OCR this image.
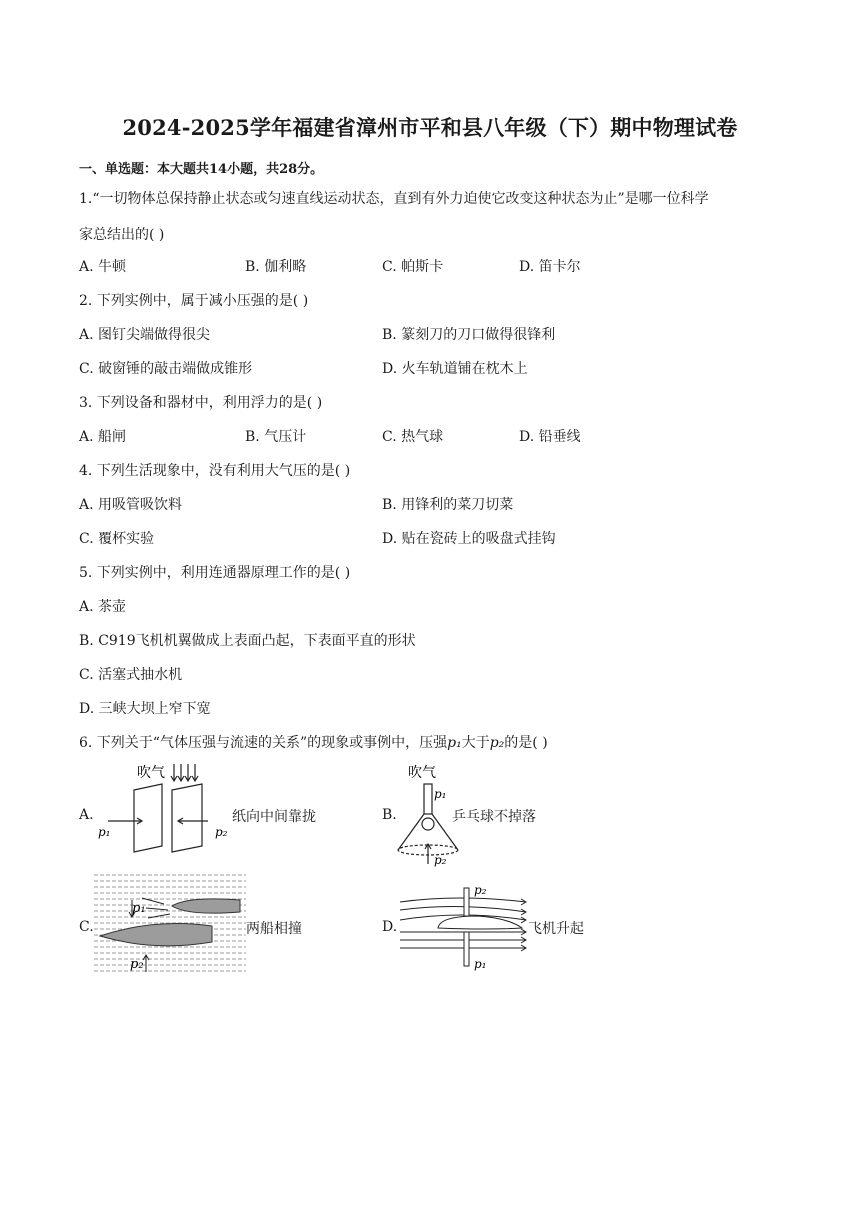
2024-2025学年福建省漳州市平和县八年级（下）期中物理试卷
一、单选题：本大题共14小题，共28分。
1.“一切物体总保持静止状态或匀速直线运动状态，直到有外力迫使它改变这种状态为止”是哪一位科学
家总结出的( )
A. 牛顿	B. 伽利略	C. 帕斯卡	D. 笛卡尔
2. 下列实例中，属于减小压强的是( )
A. 图钉尖端做得很尖	B. 篆刻刀的刀口做得很锋利
C. 破窗锤的敲击端做成锥形	D. 火车轨道铺在枕木上
3. 下列设备和器材中，利用浮力的是( )
A. 船闸	B. 气压计	C. 热气球	D. 铅垂线
4. 下列生活现象中，没有利用大气压的是( )
A. 用吸管吸饮料	B. 用锋利的菜刀切菜
C. 覆杯实验	D. 贴在瓷砖上的吸盘式挂钩
5. 下列实例中，利用连通器原理工作的是( )
A. 茶壶
B. C919飞机机翼做成上表面凸起，下表面平直的形状
C. 活塞式抽水机
D. 三峡大坝上窄下宽
6. 下列关于“气体压强与流速的关系”的现象或事例中，压强p₁大于p₂的是( )
A.
吹气
p₁	p₂
纸向中间靠拢	B.
吹气
p₁
p₂
乒乓球不掉落
C.
p₁
p₂
两船相撞	D.
p₂
p₁
飞机升起
